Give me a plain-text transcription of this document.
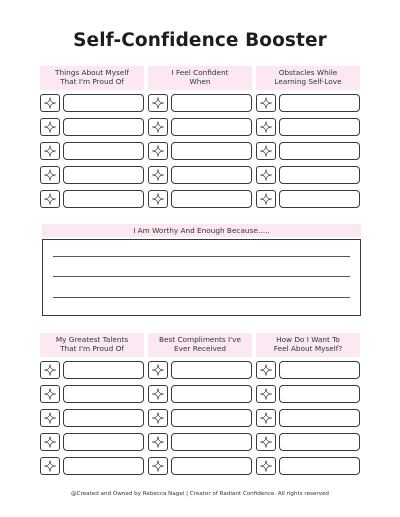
Self-Confidence Booster
Things About Myself
That I'm Proud Of
I Feel Confident
When
Obstacles While
Learning Self-Love
I Am Worthy And Enough Because…..
My Greatest Talents
That I'm Proud Of
Best Compliments I've
Ever Received
How Do I Want To
Feel About Myself?
@Created and Owned by Rebecca Nagel | Creator of Radiant Confidence. All rights reserved
